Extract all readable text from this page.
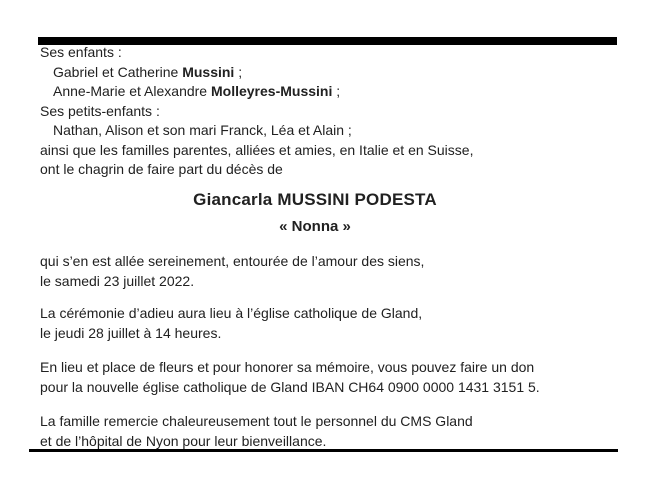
Ses enfants :
Gabriel et Catherine Mussini ;
Anne-Marie et Alexandre Molleyres-Mussini ;
Ses petits-enfants :
Nathan, Alison et son mari Franck, Léa et Alain ;
ainsi que les familles parentes, alliées et amies, en Italie et en Suisse,
ont le chagrin de faire part du décès de
Giancarla MUSSINI PODESTA
« Nonna »
qui s’en est allée sereinement, entourée de l’amour des siens,
le samedi 23 juillet 2022.
La cérémonie d’adieu aura lieu à l’église catholique de Gland,
le jeudi 28 juillet à 14 heures.
En lieu et place de fleurs et pour honorer sa mémoire, vous pouvez faire un don
pour la nouvelle église catholique de Gland IBAN CH64 0900 0000 1431 3151 5.
La famille remercie chaleureusement tout le personnel du CMS Gland
et de l’hôpital de Nyon pour leur bienveillance.
